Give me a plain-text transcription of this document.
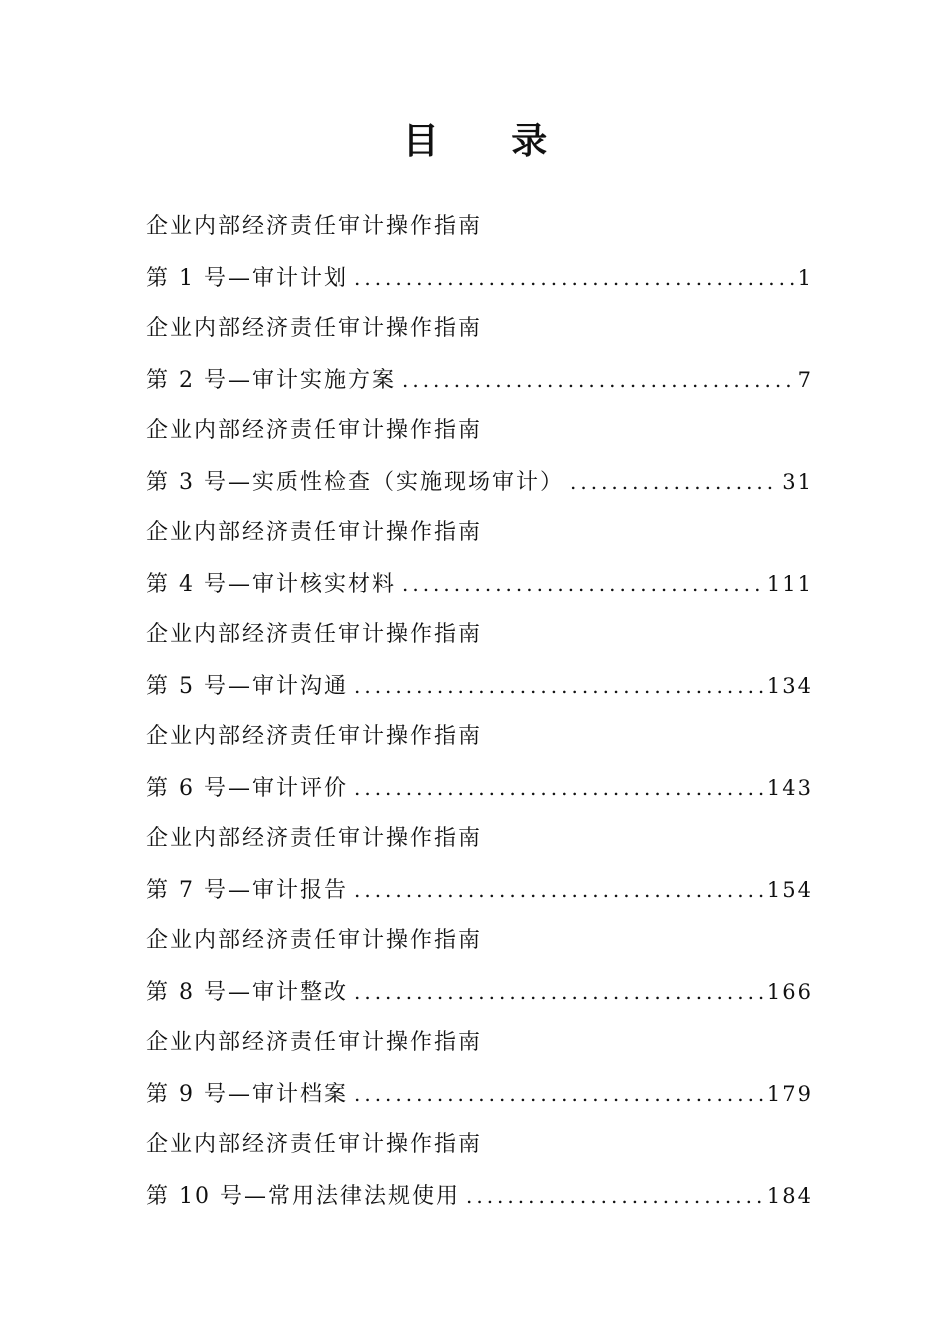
目 录
企业内部经济责任审计操作指南
第 1 号—审计计划 .....	1
企业内部经济责任审计操作指南
第 2 号—审计实施方案 .....	7
企业内部经济责任审计操作指南
第 3 号—实质性检查（实施现场审计） .....	31
企业内部经济责任审计操作指南
第 4 号—审计核实材料 .....	111
企业内部经济责任审计操作指南
第 5 号—审计沟通 .....	134
企业内部经济责任审计操作指南
第 6 号—审计评价 .....	143
企业内部经济责任审计操作指南
第 7 号—审计报告 .....	154
企业内部经济责任审计操作指南
第 8 号—审计整改 .....	166
企业内部经济责任审计操作指南
第 9 号—审计档案 .....	179
企业内部经济责任审计操作指南
第 10 号—常用法律法规使用 .....	184
